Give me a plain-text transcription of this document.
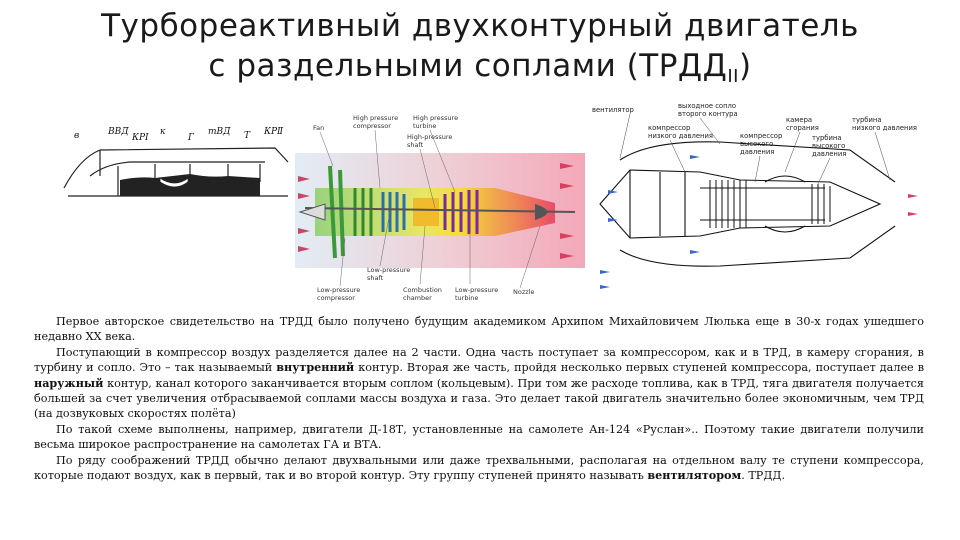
Турбореактивный двухконтурный двигатель
с раздельными соплами $(ТРДД_{II})$
в	ВВД
КРⅠ
к
Г
тВД Т КРⅡ	Fan
High pressure
compressor
High pressure
turbine
High-pressure
shaft
Low-pressure
shaft
Low-pressure
compressor
Combustion
chamber
Low-pressure
turbine
Nozzle
вентилятор	выходное сопло
второго контура
компрессор
низкого давления	компрессор
высокого
давления
камера
сгорания
турбина
высокого
давления
турбина
низкого давления

Первое авторское свидетельство на ТРДД было получено будущим академиком Архипом Михайловичем Люлька еще в 30-х годах ушедшего недавно XX века.

Поступающий в компрессор воздух разделяется далее на 2 части. Одна часть поступает за компрессором, как и в ТРД, в камеру сгорания, в турбину и сопло. Это – так называемый внутренний контур. Вторая же часть, пройдя несколько первых ступеней компрессора, поступает далее в наружный контур, канал которого заканчивается вторым соплом (кольцевым). При том же расходе топлива, как в ТРД, тяга двигателя получается большей за счет увеличения отбрасываемой соплами массы воздуха и газа. Это делает такой двигатель значительно более экономичным, чем ТРД (на дозвуковых скоростях полёта)

По такой схеме выполнены, например, двигатели Д-18Т, установленные на самолете Ан-124 «Руслан».. Поэтому такие двигатели получили весьма широкое распространение на самолетах ГА и ВТА.

По ряду соображений ТРДД обычно делают двухвальными или даже трехвальными, располагая на отдельном валу те ступени компрессора, которые подают воздух, как в первый, так и во второй контур. Эту группу ступеней принято называть вентилятором. ТРДД.
